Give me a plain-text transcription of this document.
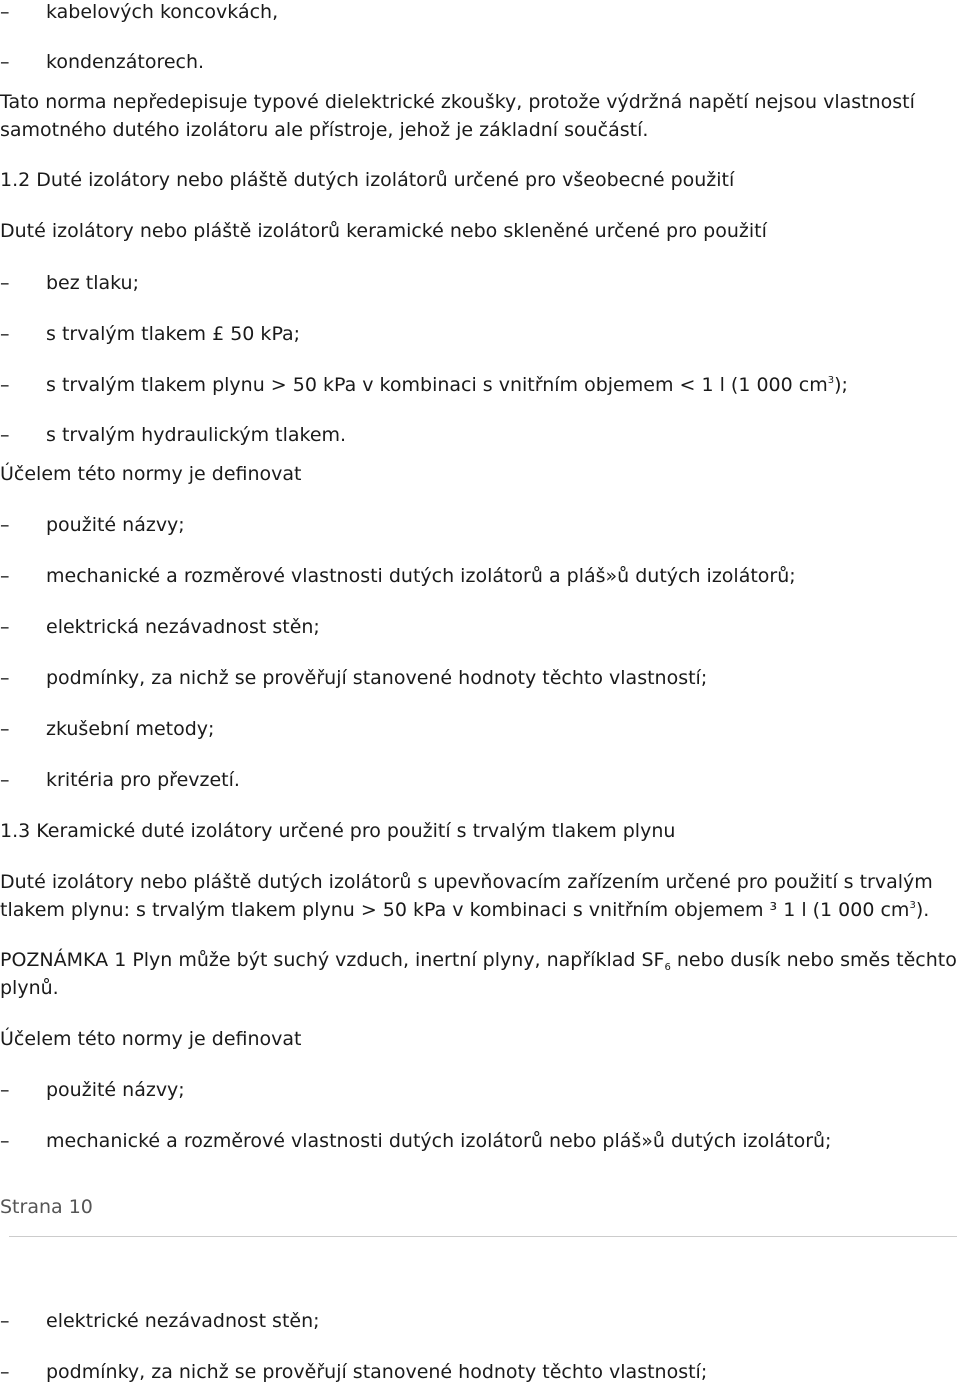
– kabelových koncovkách,
– kondenzátorech.
Tato norma nepředepisuje typové dielektrické zkoušky, protože výdržná napětí nejsou vlastností
samotného dutého izolátoru ale přístroje, jehož je základní součástí.
1.2 Duté izolátory nebo pláště dutých izolátorů určené pro všeobecné použití
Duté izolátory nebo pláště izolátorů keramické nebo skleněné určené pro použití
– bez tlaku;
– s trvalým tlakem £ 50 kPa;
– s trvalým tlakem plynu > 50 kPa v kombinaci s vnitřním objemem < 1 l (1 000 $cm^3$);
– s trvalým hydraulickým tlakem.
Účelem této normy je definovat
– použité názvy;
– mechanické a rozměrové vlastnosti dutých izolátorů a pláš»ů dutých izolátorů;
– elektrická nezávadnost stěn;
– podmínky, za nichž se prověřují stanovené hodnoty těchto vlastností;
– zkušební metody;
– kritéria pro převzetí.
1.3 Keramické duté izolátory určené pro použití s trvalým tlakem plynu
Duté izolátory nebo pláště dutých izolátorů s upevňovacím zařízením určené pro použití s trvalým
tlakem plynu: s trvalým tlakem plynu > 50 kPa v kombinaci s vnitřním objemem ³ 1 l (1 000 $cm^3$).
POZNÁMKA 1 Plyn může být suchý vzduch, inertní plyny, například $SF_6$ nebo dusík nebo směs těchto
plynů.
Účelem této normy je definovat
– použité názvy;
– mechanické a rozměrové vlastnosti dutých izolátorů nebo pláš»ů dutých izolátorů;
Strana 10
– elektrické nezávadnost stěn;
– podmínky, za nichž se prověřují stanovené hodnoty těchto vlastností;
